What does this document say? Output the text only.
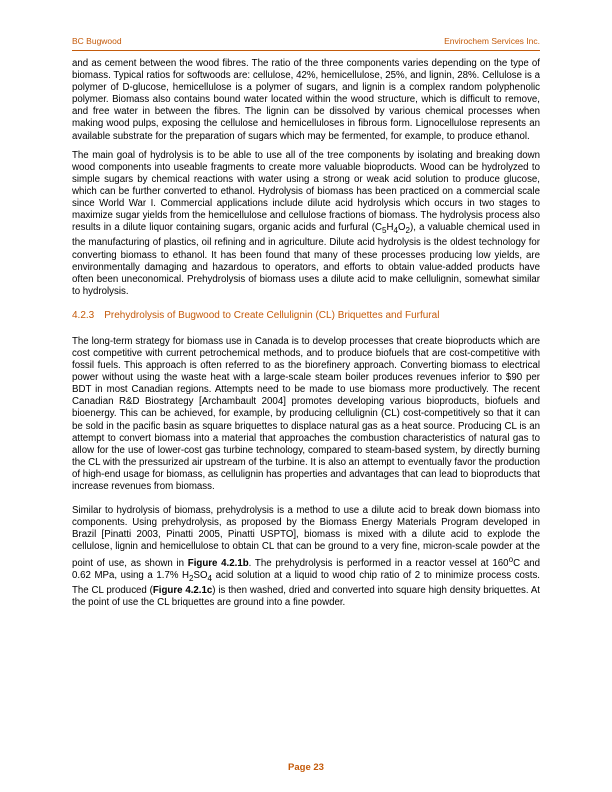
BC Bugwood	Envirochem Services Inc.

and as cement between the wood fibres. The ratio of the three components varies depending on the type of biomass. Typical ratios for softwoods are: cellulose, 42%, hemicellulose, 25%, and lignin, 28%. Cellulose is a polymer of D-glucose, hemicellulose is a polymer of sugars, and lignin is a complex random polyphenolic polymer. Biomass also contains bound water located within the wood structure, which is difficult to remove, and free water in between the fibres. The lignin can be dissolved by various chemical processes when making wood pulps, exposing the cellulose and hemicelluloses in fibrous form. Lignocellulose represents an available substrate for the preparation of sugars which may be fermented, for example, to produce ethanol.

The main goal of hydrolysis is to be able to use all of the tree components by isolating and breaking down wood components into useable fragments to create more valuable bioproducts. Wood can be hydrolyzed to simple sugars by chemical reactions with water using a strong or weak acid solution to produce glucose, which can be further converted to ethanol. Hydrolysis of biomass has been practiced on a commercial scale since World War I. Commercial applications include dilute acid hydrolysis which occurs in two stages to maximize sugar yields from the hemicellulose and cellulose fractions of biomass. The hydrolysis process also results in a dilute liquor containing sugars, organic acids and furfural $(C_5H_4O_2)$, a valuable chemical used in the manufacturing of plastics, oil refining and in agriculture. Dilute acid hydrolysis is the oldest technology for converting biomass to ethanol. It has been found that many of these processes producing low yields, are environmentally damaging and hazardous to operators, and efforts to obtain value-added products have often been uneconomical. Prehydrolysis of biomass uses a dilute acid to make cellulignin, somewhat similar to hydrolysis.

4.2.3 Prehydrolysis of Bugwood to Create Cellulignin (CL) Briquettes and Furfural

The long-term strategy for biomass use in Canada is to develop processes that create bioproducts which are cost competitive with current petrochemical methods, and to produce biofuels that are cost-competitive with fossil fuels. This approach is often referred to as the biorefinery approach. Converting biomass to electrical power without using the waste heat with a large-scale steam boiler produces revenues inferior to $90 per BDT in most Canadian regions. Attempts need to be made to use biomass more productively. The recent Canadian R&D Biostrategy [Archambault 2004] promotes developing various bioproducts, biofuels and bioenergy. This can be achieved, for example, by producing cellulignin (CL) cost-competitively so that it can be sold in the pacific basin as square briquettes to displace natural gas as a heat source. Producing CL is an attempt to convert biomass into a material that approaches the combustion characteristics of natural gas to allow for the use of lower-cost gas turbine technology, compared to steam-based system, by directly burning the CL with the pressurized air upstream of the turbine. It is also an attempt to eventually favor the production of high-end usage for biomass, as cellulignin has properties and advantages that can lead to bioproducts that increase revenues from biomass.

Similar to hydrolysis of biomass, prehydrolysis is a method to use a dilute acid to break down biomass into components. Using prehydrolysis, as proposed by the Biomass Energy Materials Program developed in Brazil [Pinatti 2003, Pinatti 2005, Pinatti USPTO], biomass is mixed with a dilute acid to explode the cellulose, lignin and hemicellulose to obtain CL that can be ground to a very fine, micron-scale powder at the point of use, as shown in Figure 4.2.1b. The prehydrolysis is performed in a reactor vessel at 160$^o$C and 0.62 MPa, using a 1.7% $H_2SO_4$ acid solution at a liquid to wood chip ratio of 2 to minimize process costs. The CL produced (Figure 4.2.1c) is then washed, dried and converted into square high density briquettes. At the point of use the CL briquettes are ground into a fine powder.

Page 23
